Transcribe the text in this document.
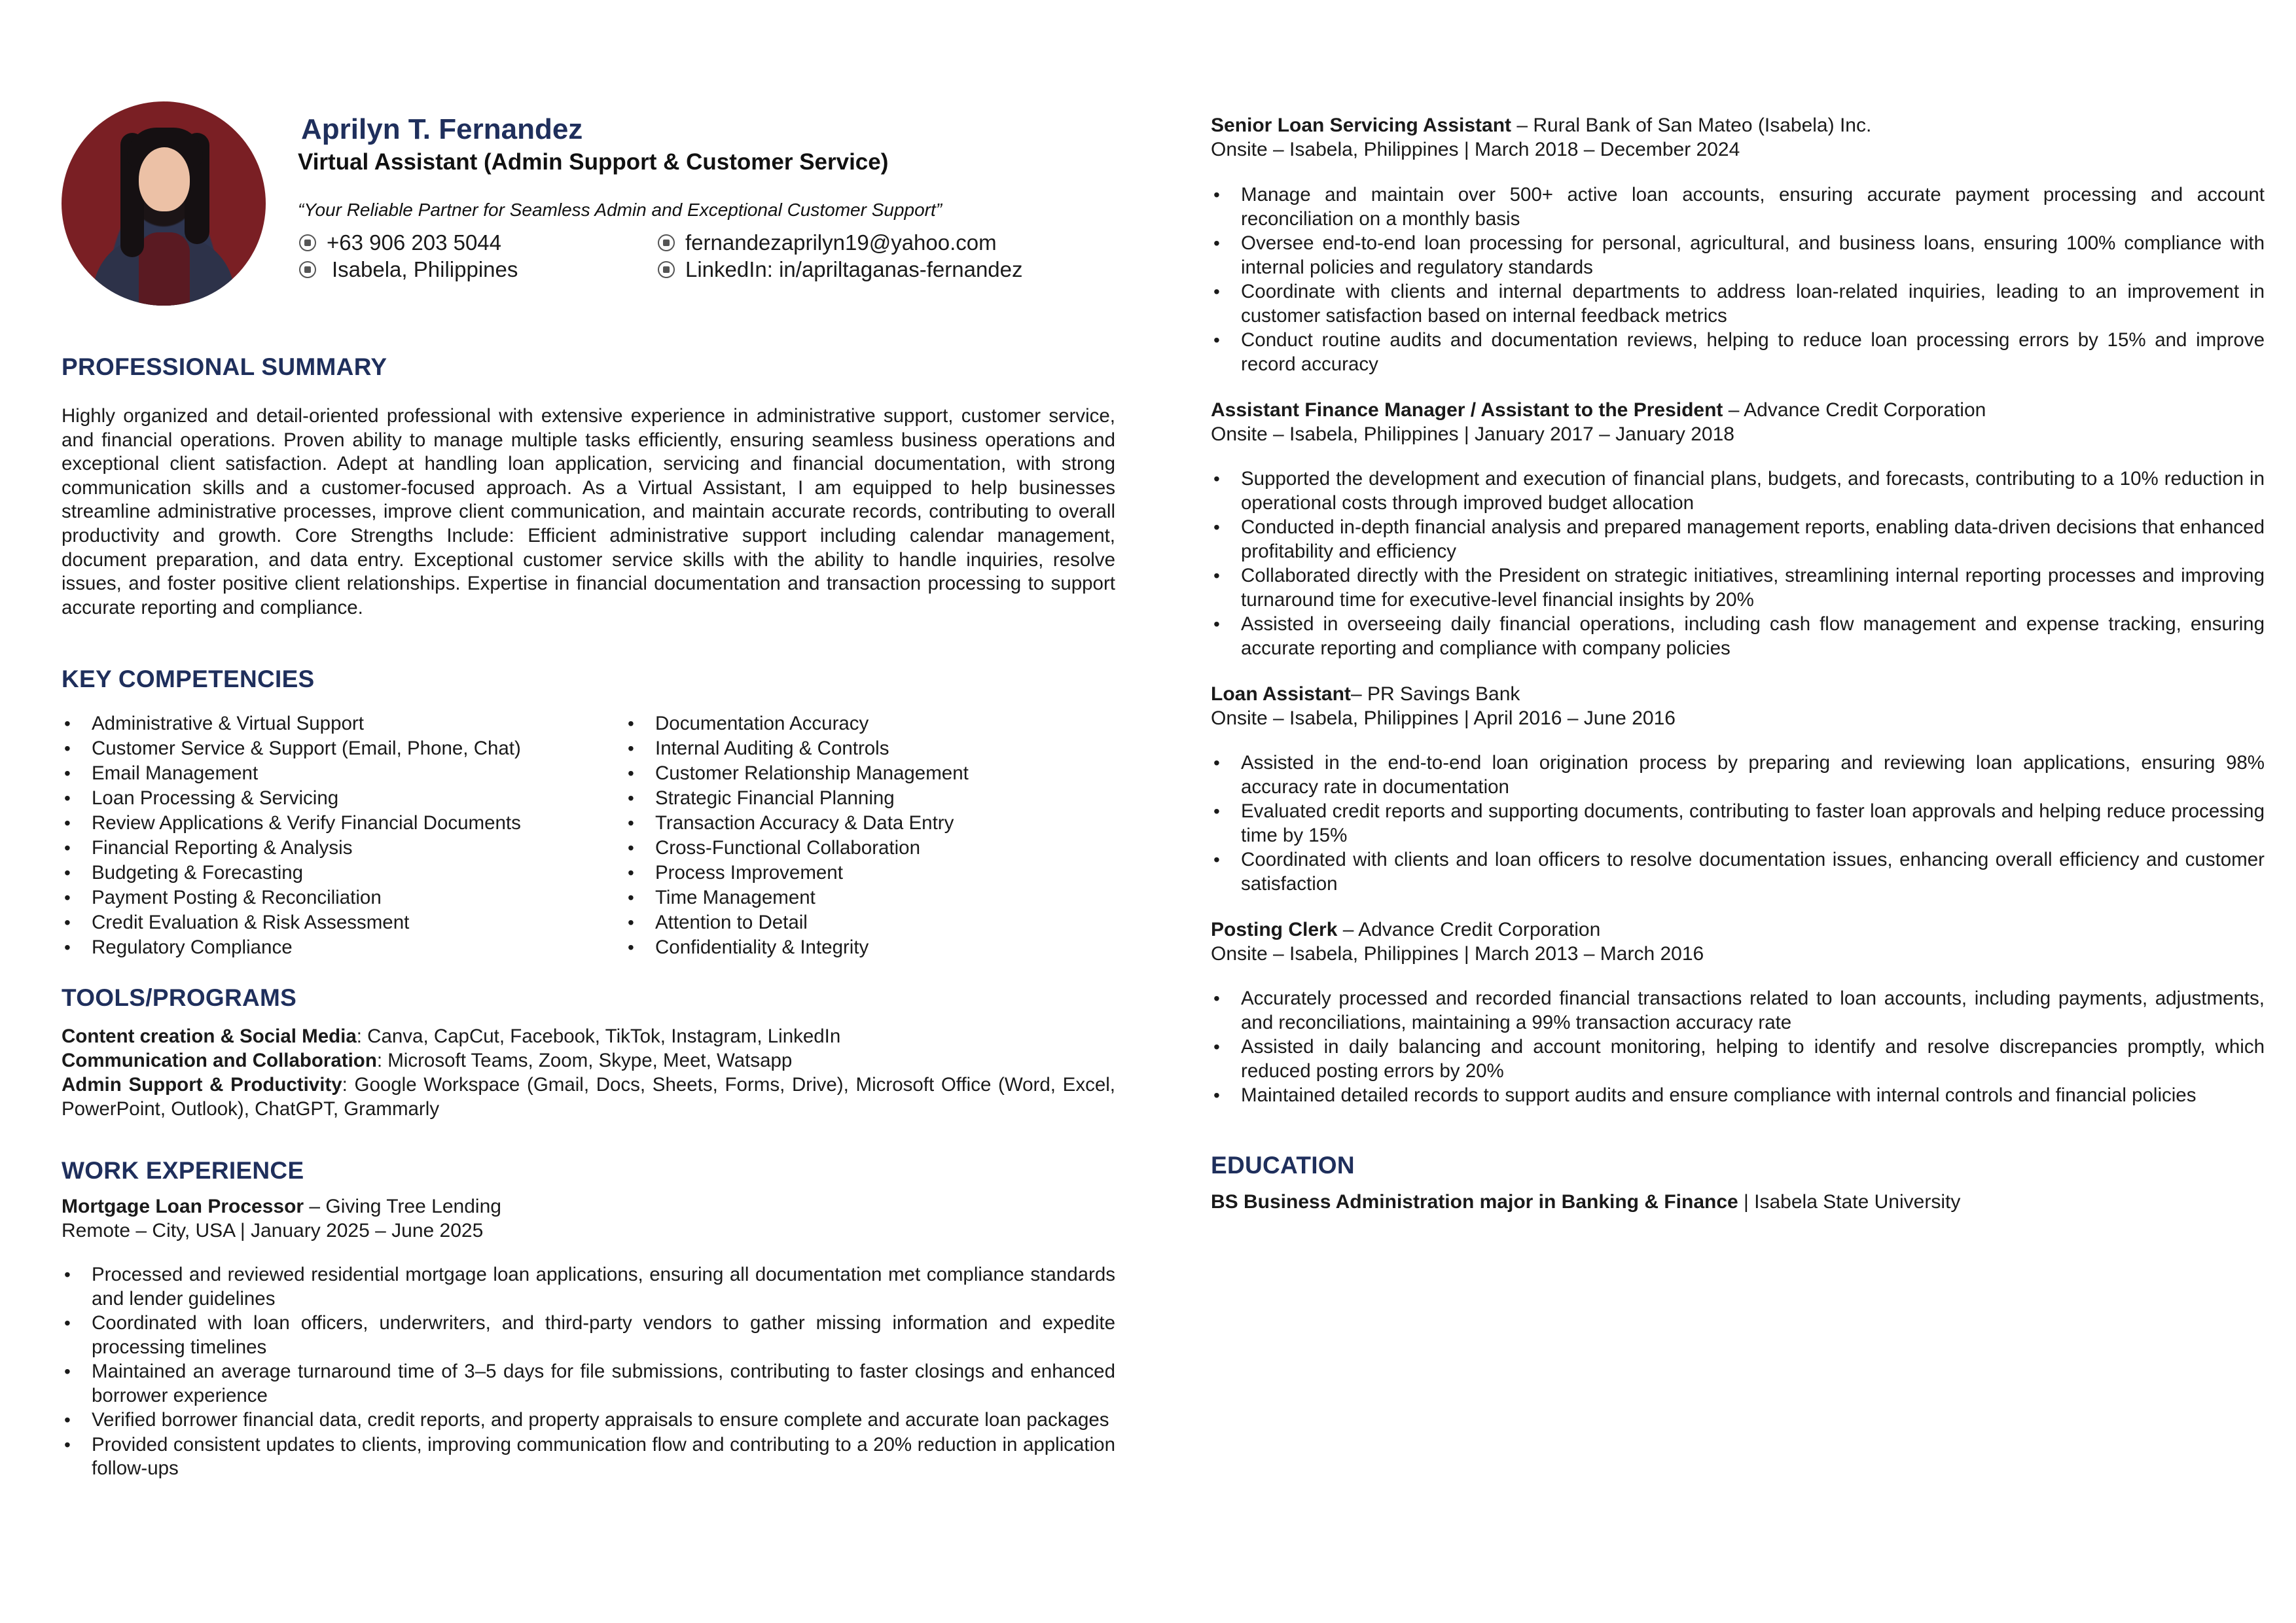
Aprilyn T. Fernandez
Virtual Assistant (Admin Support & Customer Service)
“Your Reliable Partner for Seamless Admin and Exceptional Customer Support”
+63 906 203 5044	fernandezaprilyn19@yahoo.com
Isabela, Philippines	LinkedIn: in/apriltaganas-fernandez
PROFESSIONAL SUMMARY
Highly organized and detail-oriented professional with extensive experience in administrative support, customer service, and financial operations. Proven ability to manage multiple tasks efficiently, ensuring seamless business operations and exceptional client satisfaction. Adept at handling loan application, servicing and financial documentation, with strong communication skills and a customer-focused approach. As a Virtual Assistant, I am equipped to help businesses streamline administrative processes, improve client communication, and maintain accurate records, contributing to overall productivity and growth. Core Strengths Include: Efficient administrative support including calendar management, document preparation, and data entry. Exceptional customer service skills with the ability to handle inquiries, resolve issues, and foster positive client relationships. Expertise in financial documentation and transaction processing to support accurate reporting and compliance.
KEY COMPETENCIES
• Administrative & Virtual Support
• Customer Service & Support (Email, Phone, Chat)
• Email Management
• Loan Processing & Servicing
• Review Applications & Verify Financial Documents
• Financial Reporting & Analysis
• Budgeting & Forecasting
• Payment Posting & Reconciliation
• Credit Evaluation & Risk Assessment
• Regulatory Compliance
• Documentation Accuracy
• Internal Auditing & Controls
• Customer Relationship Management
• Strategic Financial Planning
• Transaction Accuracy & Data Entry
• Cross-Functional Collaboration
• Process Improvement
• Time Management
• Attention to Detail
• Confidentiality & Integrity
TOOLS/PROGRAMS
Content creation & Social Media: Canva, CapCut, Facebook, TikTok, Instagram, LinkedIn
Communication and Collaboration: Microsoft Teams, Zoom, Skype, Meet, Watsapp
Admin Support & Productivity: Google Workspace (Gmail, Docs, Sheets, Forms, Drive), Microsoft Office (Word, Excel, PowerPoint, Outlook), ChatGPT, Grammarly
WORK EXPERIENCE
Mortgage Loan Processor – Giving Tree Lending
Remote – City, USA | January 2025 – June 2025
• Processed and reviewed residential mortgage loan applications, ensuring all documentation met compliance standards and lender guidelines
• Coordinated with loan officers, underwriters, and third-party vendors to gather missing information and expedite processing timelines
• Maintained an average turnaround time of 3–5 days for file submissions, contributing to faster closings and enhanced borrower experience
• Verified borrower financial data, credit reports, and property appraisals to ensure complete and accurate loan packages
• Provided consistent updates to clients, improving communication flow and contributing to a 20% reduction in application follow-ups
Senior Loan Servicing Assistant – Rural Bank of San Mateo (Isabela) Inc.
Onsite – Isabela, Philippines | March 2018 – December 2024
• Manage and maintain over 500+ active loan accounts, ensuring accurate payment processing and account reconciliation on a monthly basis
• Oversee end-to-end loan processing for personal, agricultural, and business loans, ensuring 100% compliance with internal policies and regulatory standards
• Coordinate with clients and internal departments to address loan-related inquiries, leading to an improvement in customer satisfaction based on internal feedback metrics
• Conduct routine audits and documentation reviews, helping to reduce loan processing errors by 15% and improve record accuracy
Assistant Finance Manager / Assistant to the President – Advance Credit Corporation
Onsite – Isabela, Philippines | January 2017 – January 2018
• Supported the development and execution of financial plans, budgets, and forecasts, contributing to a 10% reduction in operational costs through improved budget allocation
• Conducted in-depth financial analysis and prepared management reports, enabling data-driven decisions that enhanced profitability and efficiency
• Collaborated directly with the President on strategic initiatives, streamlining internal reporting processes and improving turnaround time for executive-level financial insights by 20%
• Assisted in overseeing daily financial operations, including cash flow management and expense tracking, ensuring accurate reporting and compliance with company policies
Loan Assistant– PR Savings Bank
Onsite – Isabela, Philippines | April 2016 – June 2016
• Assisted in the end-to-end loan origination process by preparing and reviewing loan applications, ensuring 98% accuracy rate in documentation
• Evaluated credit reports and supporting documents, contributing to faster loan approvals and helping reduce processing time by 15%
• Coordinated with clients and loan officers to resolve documentation issues, enhancing overall efficiency and customer satisfaction
Posting Clerk – Advance Credit Corporation
Onsite – Isabela, Philippines | March 2013 – March 2016
• Accurately processed and recorded financial transactions related to loan accounts, including payments, adjustments, and reconciliations, maintaining a 99% transaction accuracy rate
• Assisted in daily balancing and account monitoring, helping to identify and resolve discrepancies promptly, which reduced posting errors by 20%
• Maintained detailed records to support audits and ensure compliance with internal controls and financial policies
EDUCATION
BS Business Administration major in Banking & Finance | Isabela State University
